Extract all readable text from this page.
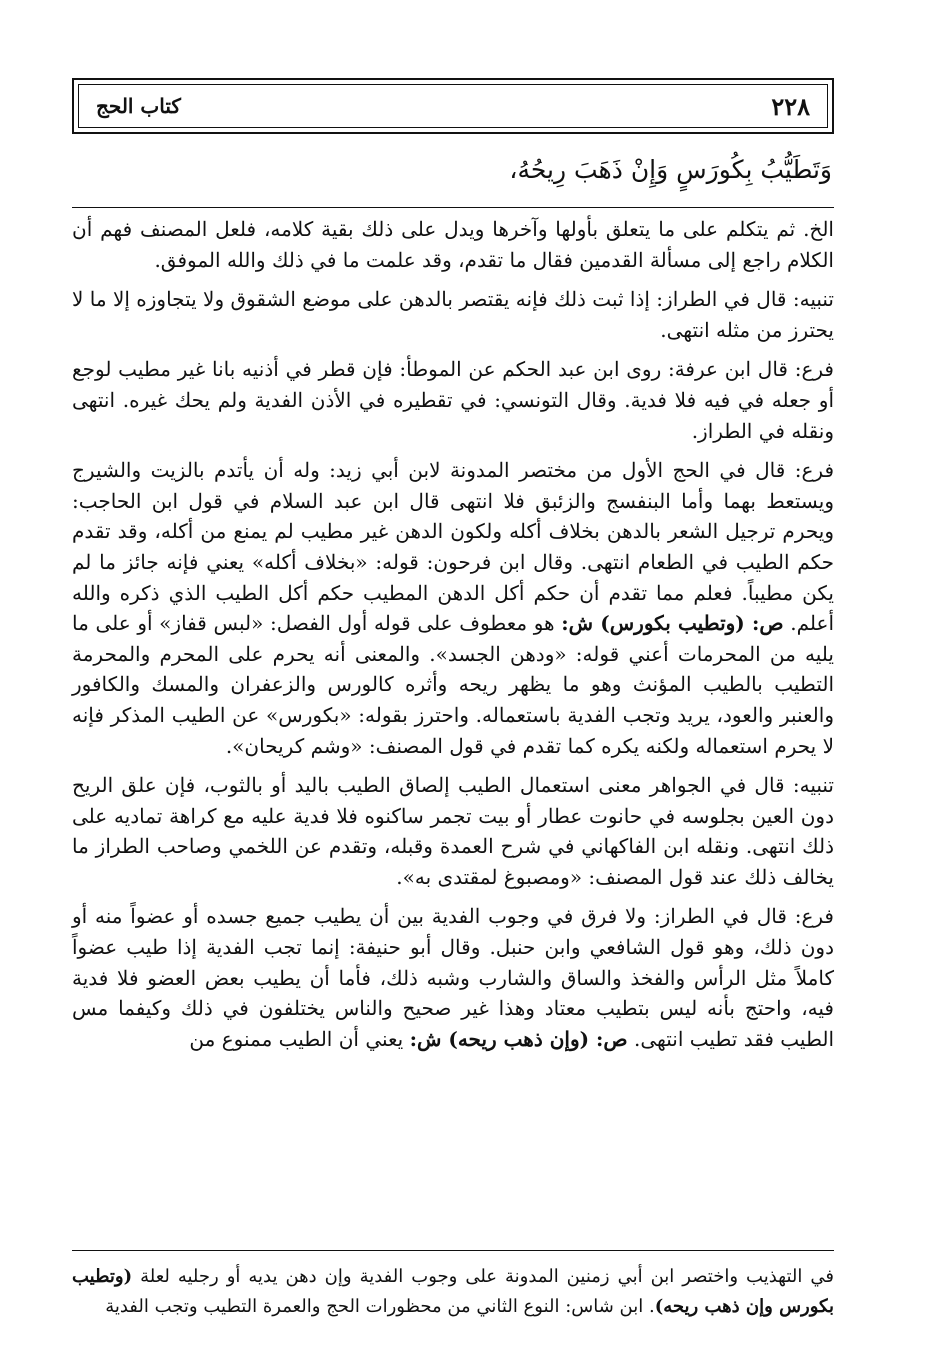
٢٢٨
كتاب الحج
وَتَطَيُّبُ بِكُورَسٍ وَإِنْ ذَهَبَ رِيحُهُ،

الخ. ثم يتكلم على ما يتعلق بأولها وآخرها ويدل على ذلك بقية كلامه، فلعل المصنف فهم أن الكلام راجع إلى مسألة القدمين فقال ما تقدم، وقد علمت ما في ذلك والله الموفق.

تنبيه: قال في الطراز: إذا ثبت ذلك فإنه يقتصر بالدهن على موضع الشقوق ولا يتجاوزه إلا ما لا يحترز من مثله انتهى.

فرع: قال ابن عرفة: روى ابن عبد الحكم عن الموطأ: فإن قطر في أذنيه بانا غير مطيب لوجع أو جعله في فيه فلا فدية. وقال التونسي: في تقطيره في الأذن الفدية ولم يحك غيره. انتهى ونقله في الطراز.

فرع: قال في الحج الأول من مختصر المدونة لابن أبي زيد: وله أن يأتدم بالزيت والشيرج ويستعط بهما وأما البنفسج والزئبق فلا انتهى قال ابن عبد السلام في قول ابن الحاجب: ويحرم ترجيل الشعر بالدهن بخلاف أكله ولكون الدهن غير مطيب لم يمنع من أكله، وقد تقدم حكم الطيب في الطعام انتهى. وقال ابن فرحون: قوله: «بخلاف أكله» يعني فإنه جائز ما لم يكن مطيباً. فعلم مما تقدم أن حكم أكل الدهن المطيب حكم أكل الطيب الذي ذكره والله أعلم. ص: (وتطيب بكورس) ش: هو معطوف على قوله أول الفصل: «لبس قفاز» أو على ما يليه من المحرمات أعني قوله: «ودهن الجسد». والمعنى أنه يحرم على المحرم والمحرمة التطيب بالطيب المؤنث وهو ما يظهر ريحه وأثره كالورس والزعفران والمسك والكافور والعنبر والعود، يريد وتجب الفدية باستعماله. واحترز بقوله: «بكورس» عن الطيب المذكر فإنه لا يحرم استعماله ولكنه يكره كما تقدم في قول المصنف: «وشم كريحان».

تنبيه: قال في الجواهر معنى استعمال الطيب إلصاق الطيب باليد أو بالثوب، فإن علق الريح دون العين بجلوسه في حانوت عطار أو بيت تجمر ساكنوه فلا فدية عليه مع كراهة تماديه على ذلك انتهى. ونقله ابن الفاكهاني في شرح العمدة وقبله، وتقدم عن اللخمي وصاحب الطراز ما يخالف ذلك عند قول المصنف: «ومصبوغ لمقتدى به».

فرع: قال في الطراز: ولا فرق في وجوب الفدية بين أن يطيب جميع جسده أو عضواً منه أو دون ذلك، وهو قول الشافعي وابن حنبل. وقال أبو حنيفة: إنما تجب الفدية إذا طيب عضواً كاملاً مثل الرأس والفخذ والساق والشارب وشبه ذلك، فأما أن يطيب بعض العضو فلا فدية فيه، واحتج بأنه ليس بتطيب معتاد وهذا غير صحيح والناس يختلفون في ذلك وكيفما مس الطيب فقد تطيب انتهى. ص: (وإن ذهب ريحه) ش: يعني أن الطيب ممنوع من

في التهذيب واختصر ابن أبي زمنين المدونة على وجوب الفدية وإن دهن يديه أو رجليه لعلة (وتطيب بكورس وإن ذهب ريحه). ابن شاس: النوع الثاني من محظورات الحج والعمرة التطيب وتجب الفدية
